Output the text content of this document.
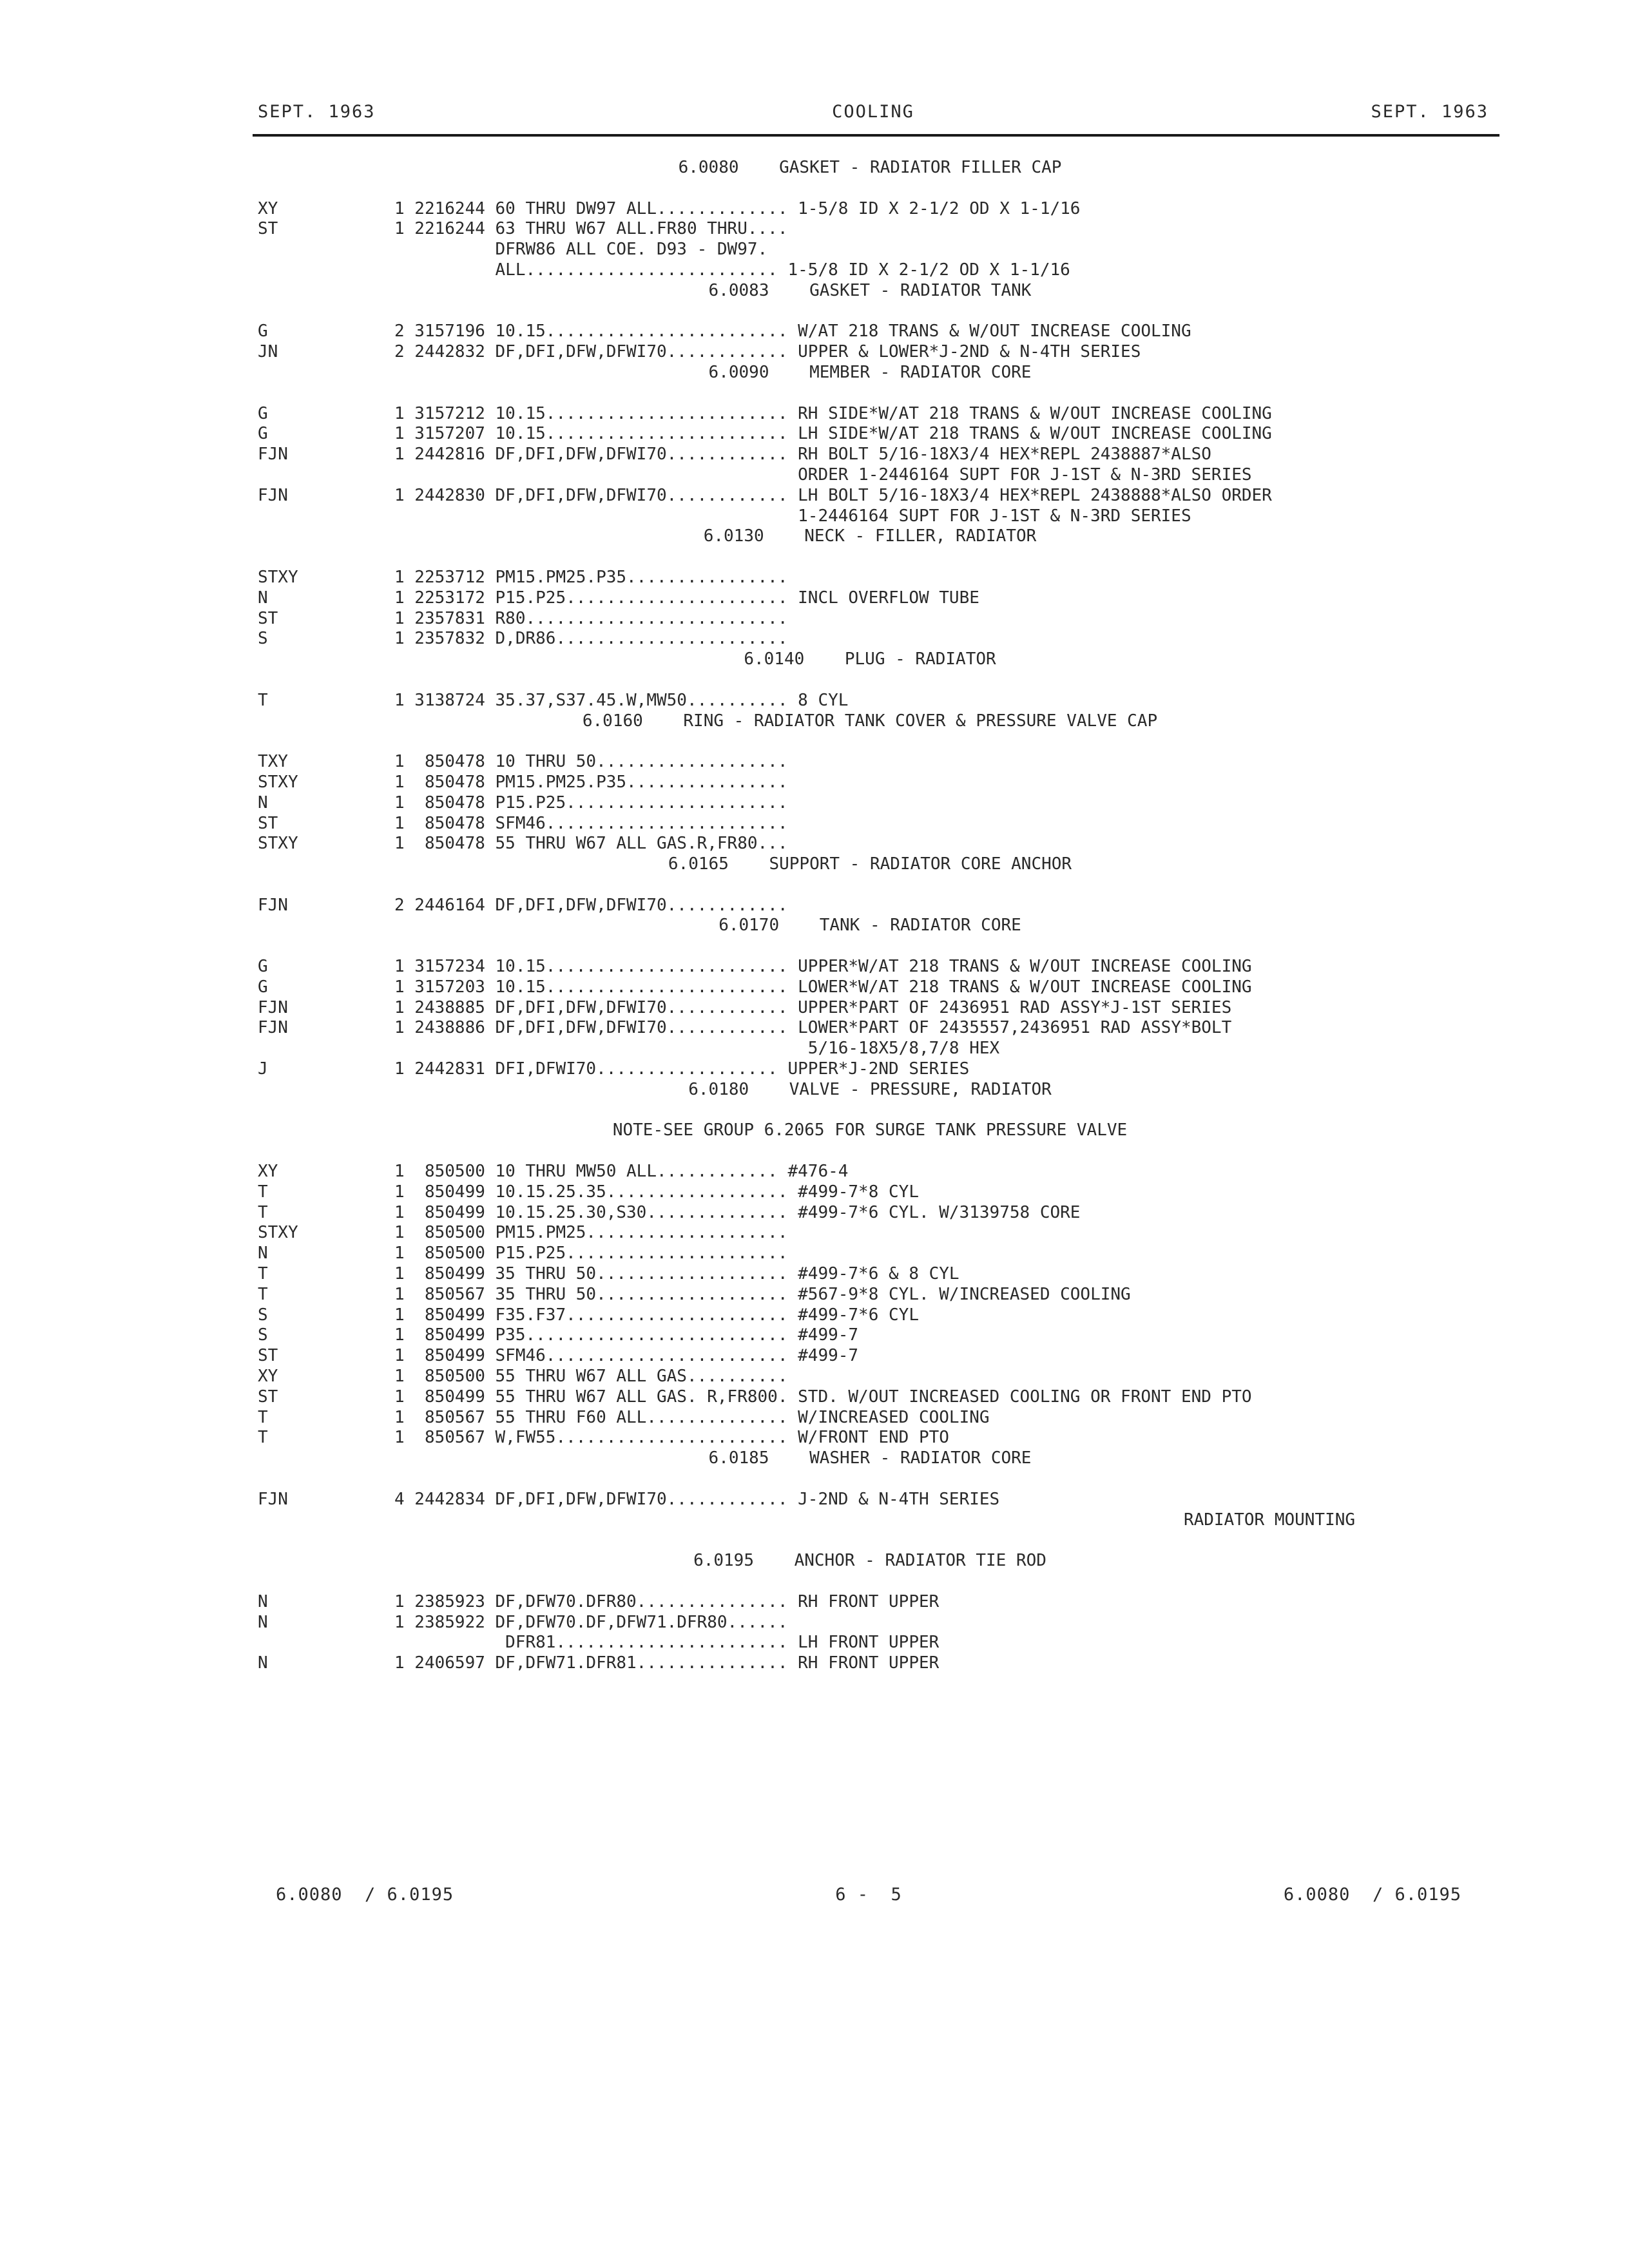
SEPT. 1963	COOLING	SEPT. 1963
6.0080    GASKET - RADIATOR FILLER CAP
XY	1 2216244 60 THRU DW97 ALL............. 1-5/8 ID X 2-1/2 OD X 1-1/16
ST	1 2216244 63 THRU W67 ALL.FR80 THRU....
DFRW86 ALL COE. D93 - DW97.
ALL......................... 1-5/8 ID X 2-1/2 OD X 1-1/16
6.0083    GASKET - RADIATOR TANK
G	2 3157196 10.15........................ W/AT 218 TRANS & W/OUT INCREASE COOLING
JN	2 2442832 DF,DFI,DFW,DFWI70............ UPPER & LOWER*J-2ND & N-4TH SERIES
6.0090    MEMBER - RADIATOR CORE
G	1 3157212 10.15........................ RH SIDE*W/AT 218 TRANS & W/OUT INCREASE COOLING
G	1 3157207 10.15........................ LH SIDE*W/AT 218 TRANS & W/OUT INCREASE COOLING
FJN	1 2442816 DF,DFI,DFW,DFWI70............ RH BOLT 5/16-18X3/4 HEX*REPL 2438887*ALSO
ORDER 1-2446164 SUPT FOR J-1ST & N-3RD SERIES
FJN	1 2442830 DF,DFI,DFW,DFWI70............ LH BOLT 5/16-18X3/4 HEX*REPL 2438888*ALSO ORDER
1-2446164 SUPT FOR J-1ST & N-3RD SERIES
6.0130    NECK - FILLER, RADIATOR
STXY	1 2253712 PM15.PM25.P35................
N	1 2253172 P15.P25...................... INCL OVERFLOW TUBE
ST	1 2357831 R80..........................
S	1 2357832 D,DR86.......................
6.0140    PLUG - RADIATOR
T	1 3138724 35.37,S37.45.W,MW50.......... 8 CYL
6.0160    RING - RADIATOR TANK COVER & PRESSURE VALVE CAP
TXY	1  850478 10 THRU 50...................
STXY	1  850478 PM15.PM25.P35................
N	1  850478 P15.P25......................
ST	1  850478 SFM46........................
STXY	1  850478 55 THRU W67 ALL GAS.R,FR80...
6.0165    SUPPORT - RADIATOR CORE ANCHOR
FJN	2 2446164 DF,DFI,DFW,DFWI70............
6.0170    TANK - RADIATOR CORE
G	1 3157234 10.15........................ UPPER*W/AT 218 TRANS & W/OUT INCREASE COOLING
G	1 3157203 10.15........................ LOWER*W/AT 218 TRANS & W/OUT INCREASE COOLING
FJN	1 2438885 DF,DFI,DFW,DFWI70............ UPPER*PART OF 2436951 RAD ASSY*J-1ST SERIES
FJN	1 2438886 DF,DFI,DFW,DFWI70............ LOWER*PART OF 2435557,2436951 RAD ASSY*BOLT
5/16-18X5/8,7/8 HEX
J	1 2442831 DFI,DFWI70.................. UPPER*J-2ND SERIES
6.0180    VALVE - PRESSURE, RADIATOR
NOTE-SEE GROUP 6.2065 FOR SURGE TANK PRESSURE VALVE
XY	1  850500 10 THRU MW50 ALL............ #476-4
T	1  850499 10.15.25.35.................. #499-7*8 CYL
T	1  850499 10.15.25.30,S30.............. #499-7*6 CYL. W/3139758 CORE
STXY	1  850500 PM15.PM25....................
N	1  850500 P15.P25......................
T	1  850499 35 THRU 50................... #499-7*6 & 8 CYL
T	1  850567 35 THRU 50................... #567-9*8 CYL. W/INCREASED COOLING
S	1  850499 F35.F37...................... #499-7*6 CYL
S	1  850499 P35.......................... #499-7
ST	1  850499 SFM46........................ #499-7
XY	1  850500 55 THRU W67 ALL GAS..........
ST	1  850499 55 THRU W67 ALL GAS. R,FR800. STD. W/OUT INCREASED COOLING OR FRONT END PTO
T	1  850567 55 THRU F60 ALL.............. W/INCREASED COOLING
T	1  850567 W,FW55....................... W/FRONT END PTO
6.0185    WASHER - RADIATOR CORE
FJN	4 2442834 DF,DFI,DFW,DFWI70............ J-2ND & N-4TH SERIES
RADIATOR MOUNTING
6.0195    ANCHOR - RADIATOR TIE ROD
N	1 2385923 DF,DFW70.DFR80............... RH FRONT UPPER
N	1 2385922 DF,DFW70.DF,DFW71.DFR80......
DFR81....................... LH FRONT UPPER
N	1 2406597 DF,DFW71.DFR81............... RH FRONT UPPER
6.0080  / 6.0195	6 -  5	6.0080  / 6.0195
